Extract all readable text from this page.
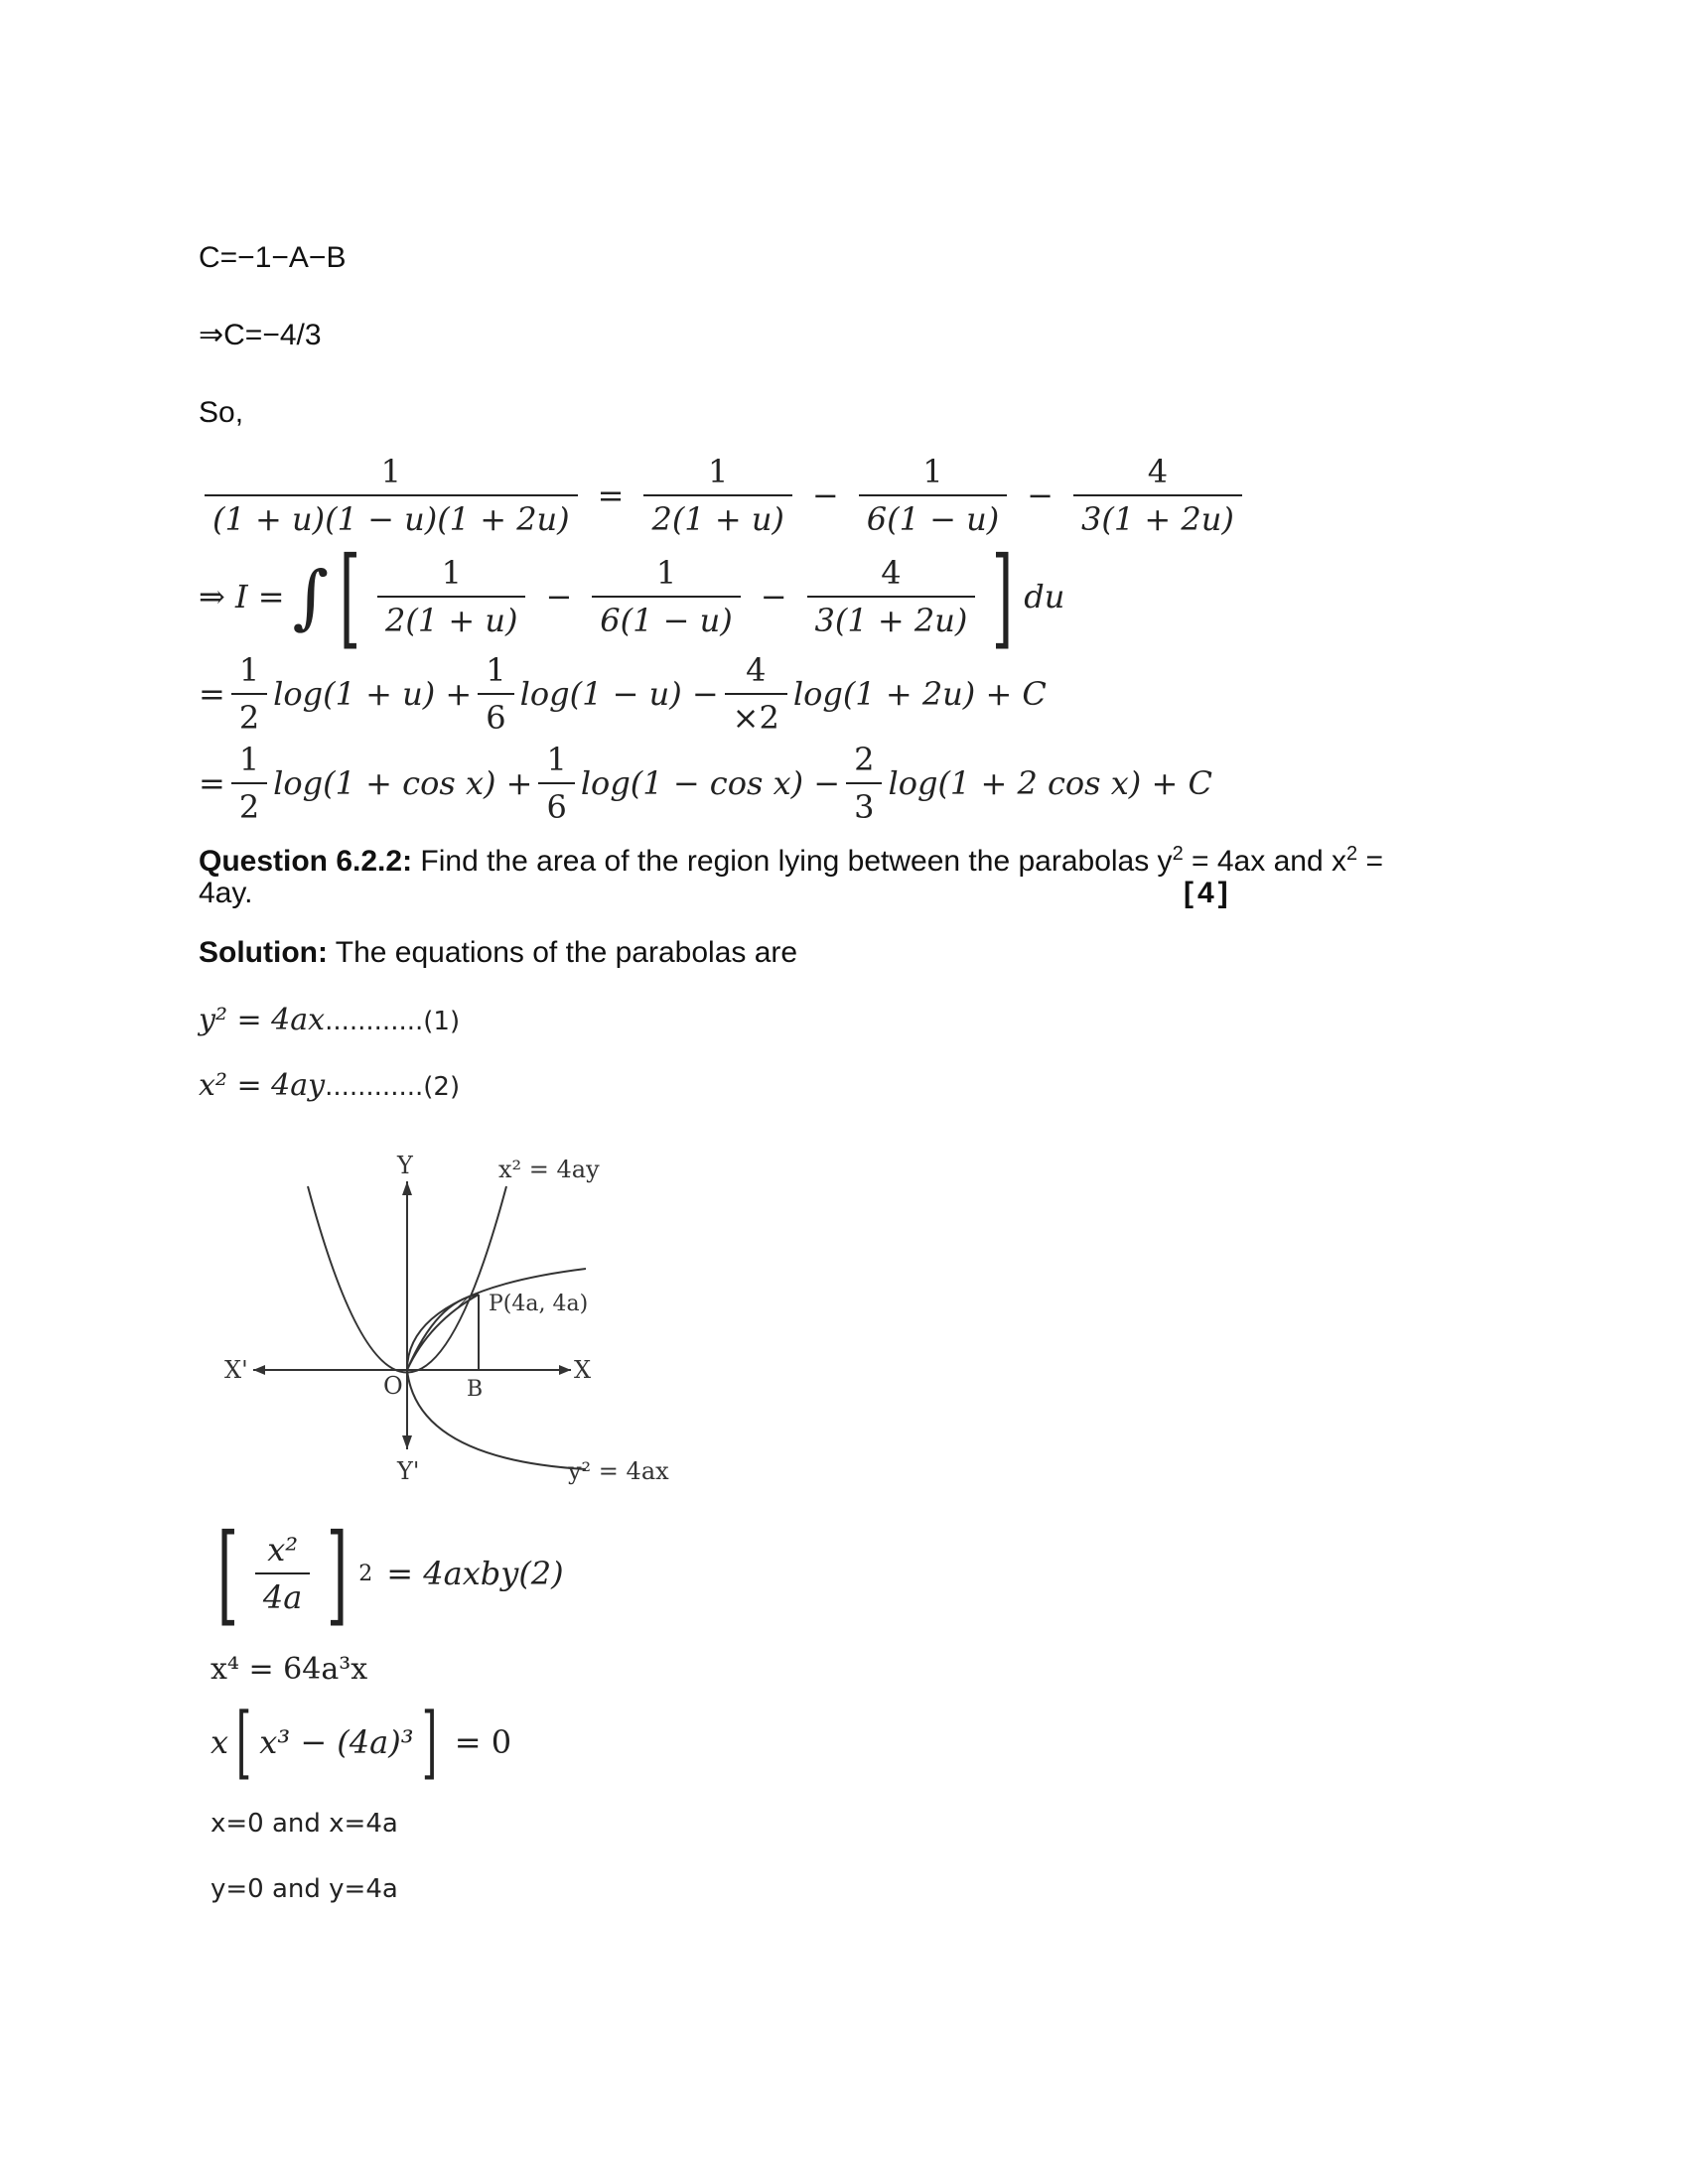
C=−1−A−B
⇒C=−4/3
So,
$\frac{1}{(1 + u)(1 - u)(1 + 2u)} = \frac{1}{2(1 + u)} - \frac{1}{6(1 - u)} - \frac{4}{3(1 + 2u)}$
⇒ I = ∫ [ $\frac{1}{2(1 + u)} - \frac{1}{6(1 - u)} - \frac{4}{3(1 + 2u)}$ ] du
= $\frac{1}{2} \log(1 + u) + \frac{1}{6} \log(1 - u) - \frac{4}{\times 2} \log(1 + 2u) + C$
= $\frac{1}{2} \log(1 + \cos x) + \frac{1}{6} \log(1 - \cos x) - \frac{2}{3} \log(1 + 2$ cos x) + C
Question 6.2.2: Find the area of the region lying between the parabolas $y^2 = 4ax$ and $x^2$ =
4ay.	[4]
Solution: The equations of the parabolas are
y² = 4ax............(1)
x² = 4ay............(2)
Y
Y'
X
X'
O	B
P(4a, 4a)
x² = 4ay
y² = 4ax
[ $\frac{\text{x²}}{4a}$ ] 2 = 4axby(2)
x⁴ = 64a³x
x [ x³ − (4a)³ ] = 0
x=0 and x=4a
y=0 and y=4a
